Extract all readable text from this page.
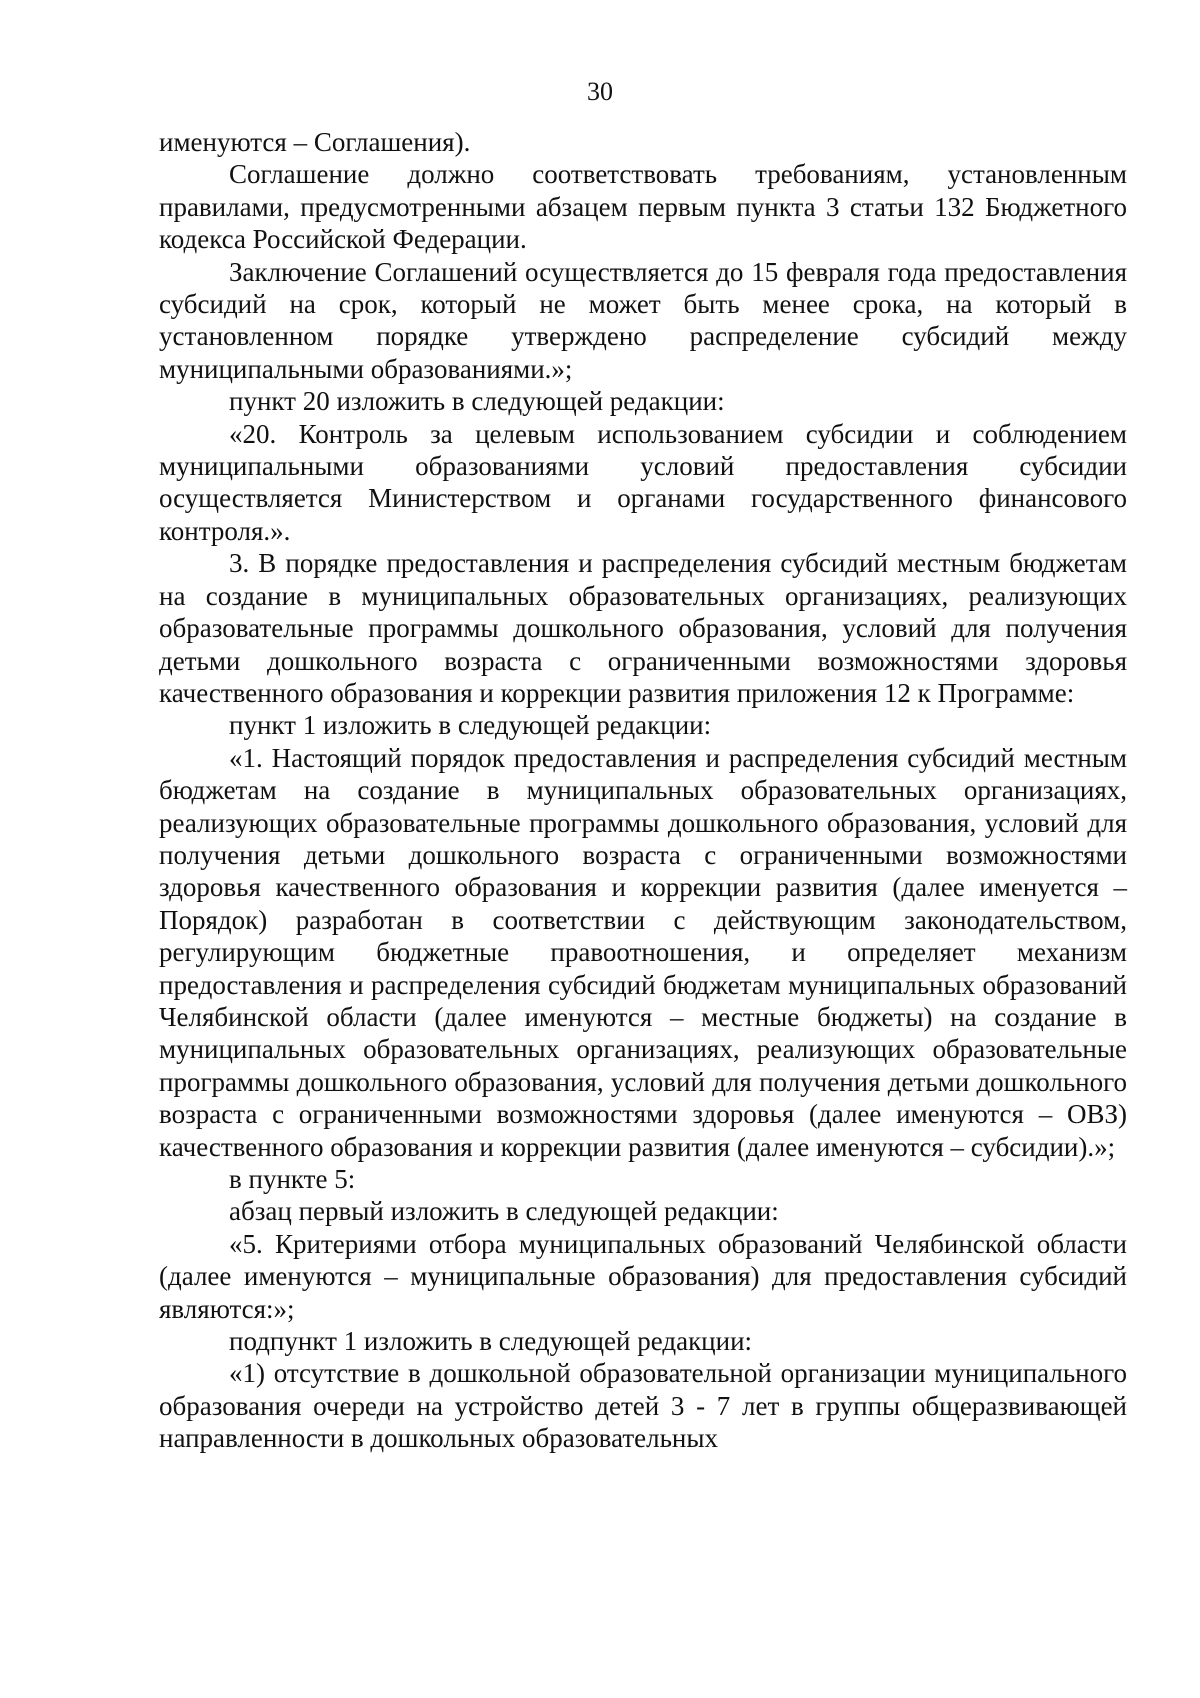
30

именуются – Соглашения).

Соглашение должно соответствовать требованиям, установленным правилами, предусмотренными абзацем первым пункта 3 статьи 132 Бюджетного кодекса Российской Федерации.

Заключение Соглашений осуществляется до 15 февраля года предоставления субсидий на срок, который не может быть менее срока, на который в установленном порядке утверждено распределение субсидий между муниципальными образованиями.»;

пункт 20 изложить в следующей редакции:

«20. Контроль за целевым использованием субсидии и соблюдением муниципальными образованиями условий предоставления субсидии осуществляется Министерством и органами государственного финансового контроля.».

3. В порядке предоставления и распределения субсидий местным бюджетам на создание в муниципальных образовательных организациях, реализующих образовательные программы дошкольного образования, условий для получения детьми дошкольного возраста с ограниченными возможностями здоровья качественного образования и коррекции развития приложения 12 к Программе:

пункт 1 изложить в следующей редакции:

«1. Настоящий порядок предоставления и распределения субсидий местным бюджетам на создание в муниципальных образовательных организациях, реализующих образовательные программы дошкольного образования, условий для получения детьми дошкольного возраста с ограниченными возможностями здоровья качественного образования и коррекции развития (далее именуется – Порядок) разработан в соответствии с действующим законодательством, регулирующим бюджетные правоотношения, и определяет механизм предоставления и распределения субсидий бюджетам муниципальных образований Челябинской области (далее именуются – местные бюджеты) на создание в муниципальных образовательных организациях, реализующих образовательные программы дошкольного образования, условий для получения детьми дошкольного возраста с ограниченными возможностями здоровья (далее именуются – ОВЗ) качественного образования и коррекции развития (далее именуются – субсидии).»;

в пункте 5:

абзац первый изложить в следующей редакции:

«5. Критериями отбора муниципальных образований Челябинской области (далее именуются – муниципальные образования) для предоставления субсидий являются:»;

подпункт 1 изложить в следующей редакции:

«1) отсутствие в дошкольной образовательной организации муниципального образования очереди на устройство детей 3 - 7 лет в группы общеразвивающей направленности в дошкольных образовательных
